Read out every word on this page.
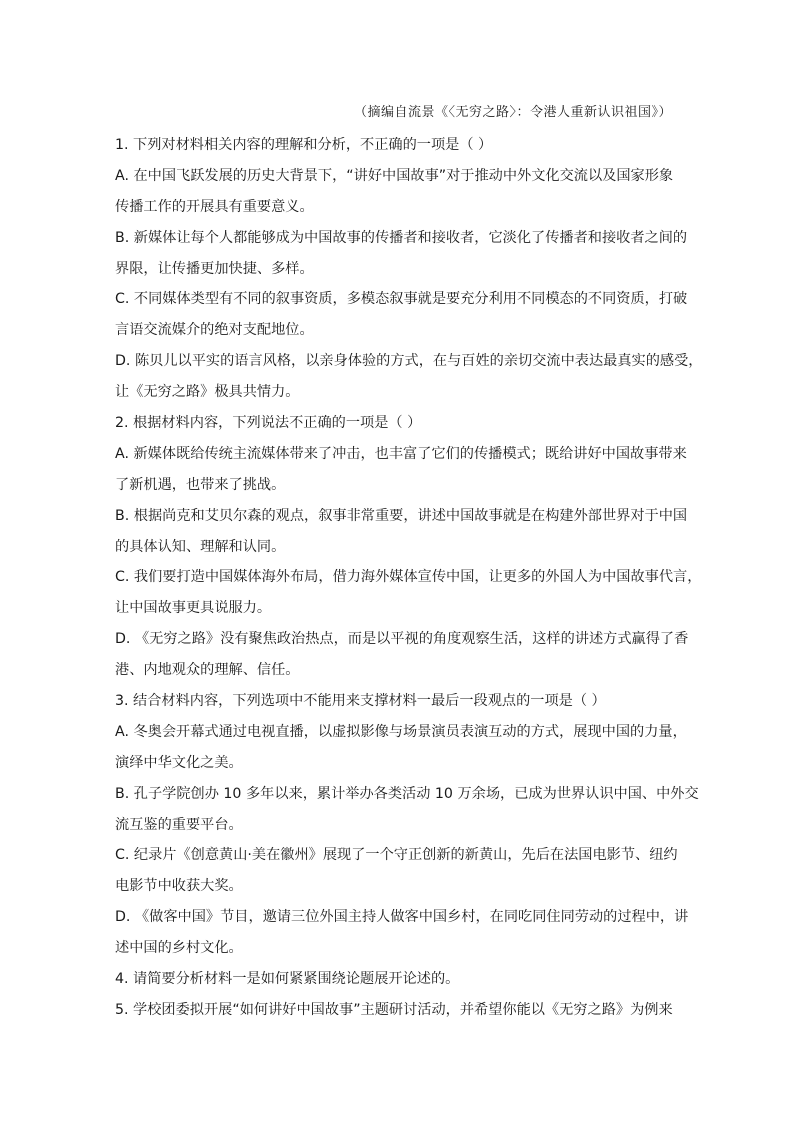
（摘编自流景《〈无穷之路〉：令港人重新认识祖国》）
1. 下列对材料相关内容的理解和分析，不正确的一项是（ ）
A. 在中国飞跃发展的历史大背景下，“讲好中国故事”对于推动中外文化交流以及国家形象
传播工作的开展具有重要意义。
B. 新媒体让每个人都能够成为中国故事的传播者和接收者，它淡化了传播者和接收者之间的
界限，让传播更加快捷、多样。
C. 不同媒体类型有不同的叙事资质，多模态叙事就是要充分利用不同模态的不同资质，打破
言语交流媒介的绝对支配地位。
D. 陈贝儿以平实的语言风格，以亲身体验的方式，在与百姓的亲切交流中表达最真实的感受，
让《无穷之路》极具共情力。
2. 根据材料内容，下列说法不正确的一项是（ ）
A. 新媒体既给传统主流媒体带来了冲击，也丰富了它们的传播模式；既给讲好中国故事带来
了新机遇，也带来了挑战。
B. 根据尚克和艾贝尔森的观点，叙事非常重要，讲述中国故事就是在构建外部世界对于中国
的具体认知、理解和认同。
C. 我们要打造中国媒体海外布局，借力海外媒体宣传中国，让更多的外国人为中国故事代言，
让中国故事更具说服力。
D. 《无穷之路》没有聚焦政治热点，而是以平视的角度观察生活，这样的讲述方式赢得了香
港、内地观众的理解、信任。
3. 结合材料内容，下列选项中不能用来支撑材料一最后一段观点的一项是（ ）
A. 冬奥会开幕式通过电视直播，以虚拟影像与场景演员表演互动的方式，展现中国的力量，
演绎中华文化之美。
B. 孔子学院创办 10 多年以来，累计举办各类活动 10 万余场，已成为世界认识中国、中外交
流互鉴的重要平台。
C. 纪录片《创意黄山·美在徽州》展现了一个守正创新的新黄山，先后在法国电影节、纽约
电影节中收获大奖。
D. 《做客中国》节目，邀请三位外国主持人做客中国乡村，在同吃同住同劳动的过程中，讲
述中国的乡村文化。
4. 请简要分析材料一是如何紧紧围绕论题展开论述的。
5. 学校团委拟开展“如何讲好中国故事”主题研讨活动，并希望你能以《无穷之路》为例来
